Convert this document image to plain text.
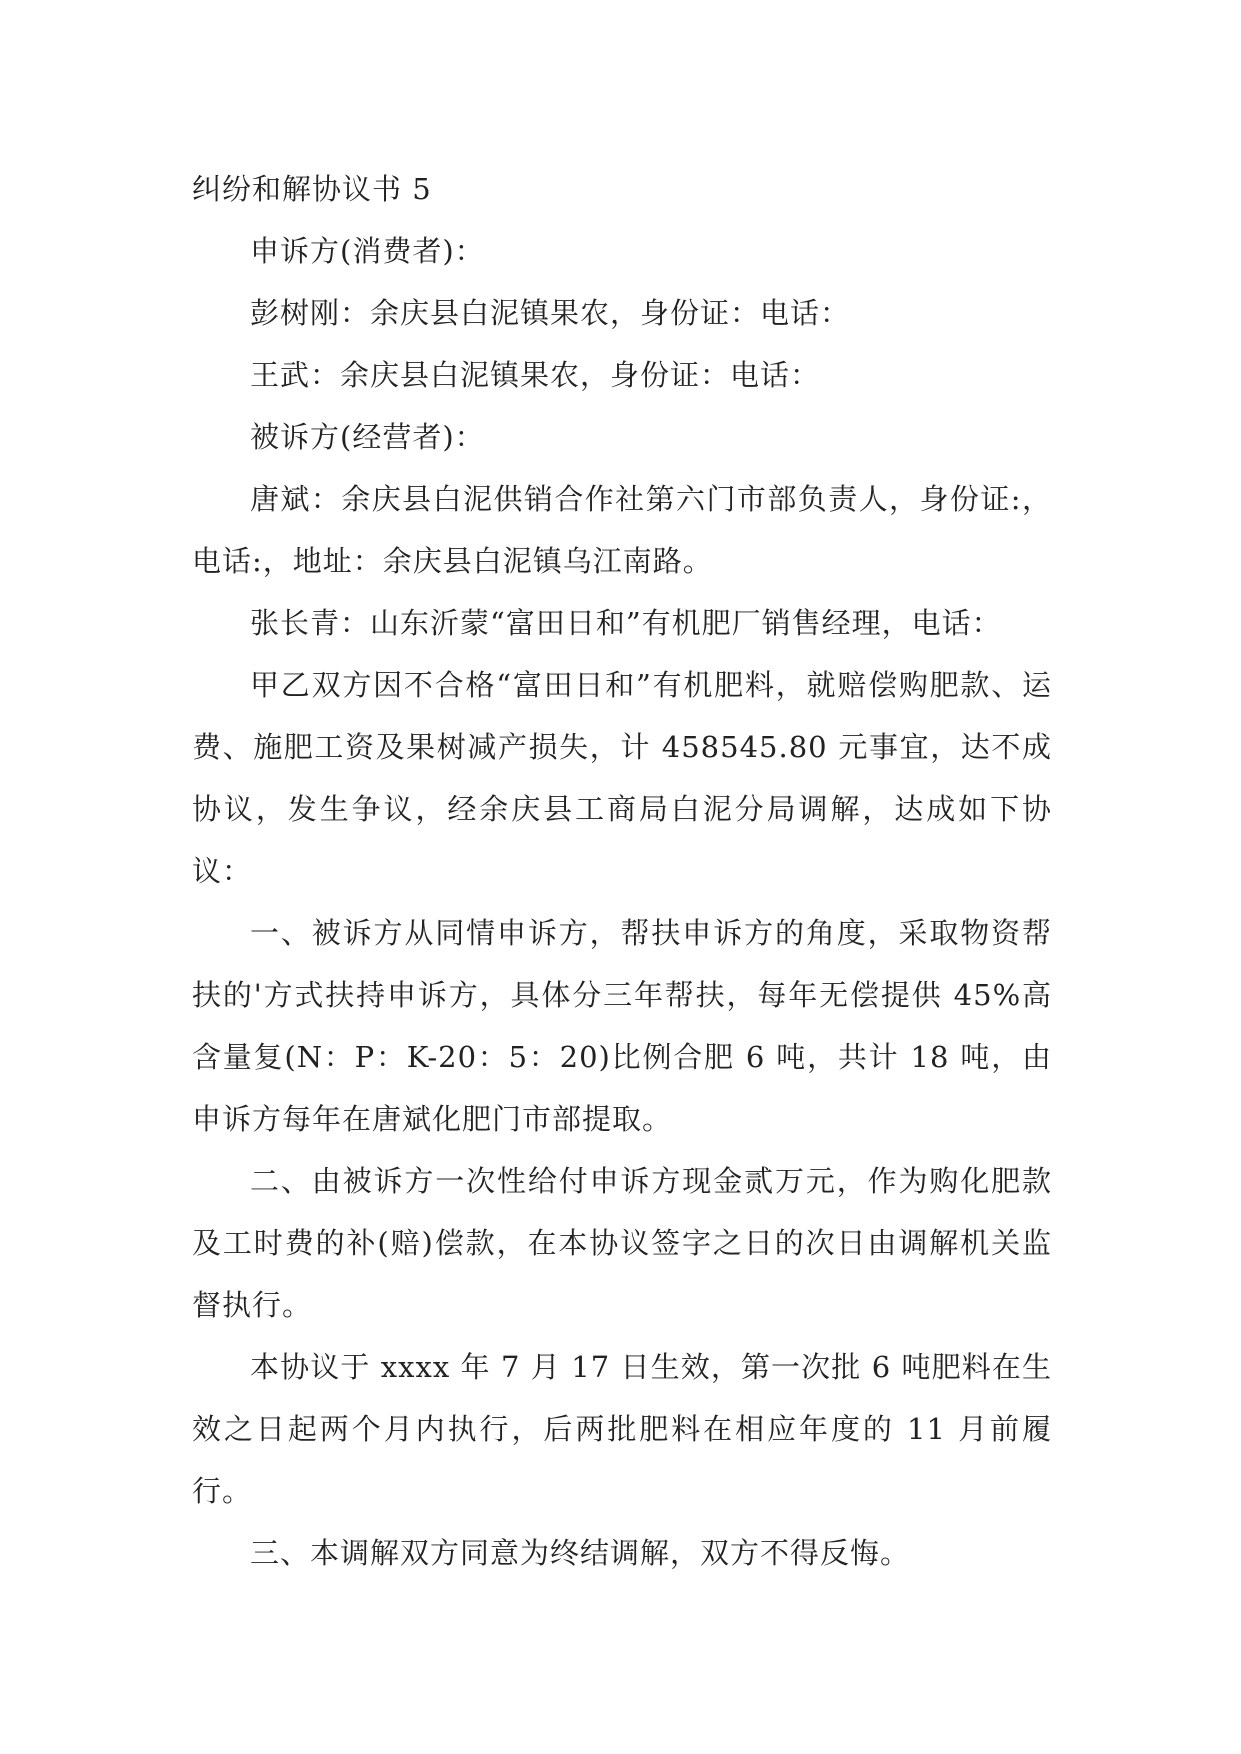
纠纷和解协议书 5

申诉方(消费者)：

彭树刚：余庆县白泥镇果农，身份证：电话：

王武：余庆县白泥镇果农，身份证：电话：

被诉方(经营者)：

唐斌：余庆县白泥供销合作社第六门市部负责人，身份证:，电话:，地址：余庆县白泥镇乌江南路。

张长青：山东沂蒙“富田日和”有机肥厂销售经理，电话：

甲乙双方因不合格“富田日和”有机肥料，就赔偿购肥款、运费、施肥工资及果树减产损失，计 458545.80 元事宜，达不成协议，发生争议，经余庆县工商局白泥分局调解，达成如下协议：

一、被诉方从同情申诉方，帮扶申诉方的角度，采取物资帮扶的'方式扶持申诉方，具体分三年帮扶，每年无偿提供 45%高含量复(N：P：K-20：5：20)比例合肥 6 吨，共计 18 吨，由申诉方每年在唐斌化肥门市部提取。

二、由被诉方一次性给付申诉方现金贰万元，作为购化肥款及工时费的补(赔)偿款，在本协议签字之日的次日由调解机关监督执行。

本协议于 xxxx 年 7 月 17 日生效，第一次批 6 吨肥料在生效之日起两个月内执行，后两批肥料在相应年度的 11 月前履行。

三、本调解双方同意为终结调解，双方不得反悔。
